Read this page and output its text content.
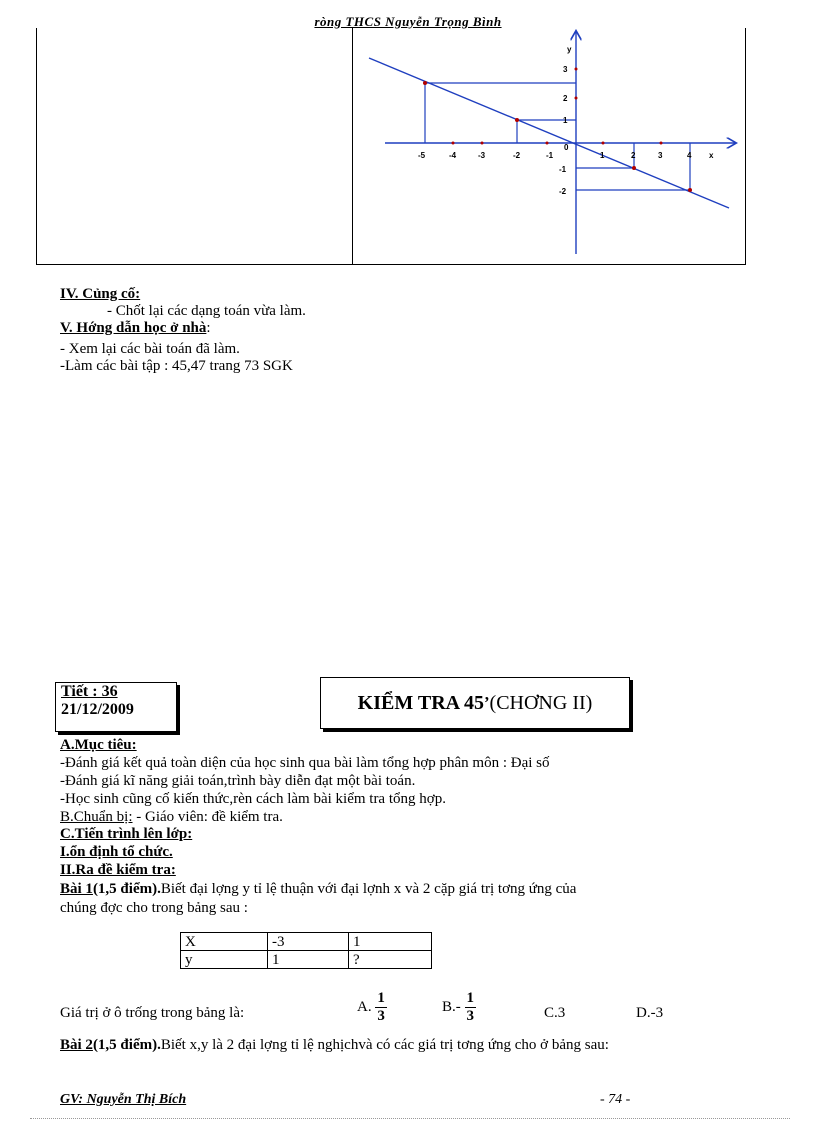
ròng THCS Nguyễn Trọng Bình
-5	-4	-3	-2	-1	1	2	3	4 x
y
0
3
2
1
-1
-2
IV. Củng cố:
- Chốt lại các dạng toán vừa làm.
V. Hớng dẫn học ở nhà:
- Xem lại các bài toán đã làm.
-Làm các bài tập : 45,47 trang 73 SGK
Tiết : 36
21/12/2009	KIỂM TRA 45 ’ (CHƠNG II)
A.Mục tiêu:
-Đánh giá kết quả toàn diện của học sinh qua bài làm tổng hợp phân môn : Đại số
-Đánh giá kĩ năng giải toán,trình bày diễn đạt một bài toán.
-Học sinh cũng cố kiến thức,rèn cách làm bài kiểm tra tổng hợp.
B.Chuẩn bị: - Giáo viên: đề kiểm tra.
C.Tiến trình lên lớp:
I.ổn định tổ chức.
II.Ra đề kiểm tra:
Bài 1(1,5 điểm).Biết đại lợng y tỉ lệ thuận với đại lợnh x và 2 cặp giá trị tơng ứng của
chúng đợc cho trong bảng sau :
X	-3	1
y	1	?
Giá trị ở ô trống trong bảng là:	A. $\frac{1}{3}$	$B.- \frac{1}{3}$	C.3	D.-3
Bài 2(1,5 điểm).Biết x,y là 2 đại lợng tỉ lệ nghịchvà có các giá trị tơng ứng cho ở bảng sau:
GV: Nguyễn Thị Bích	- 74 -
